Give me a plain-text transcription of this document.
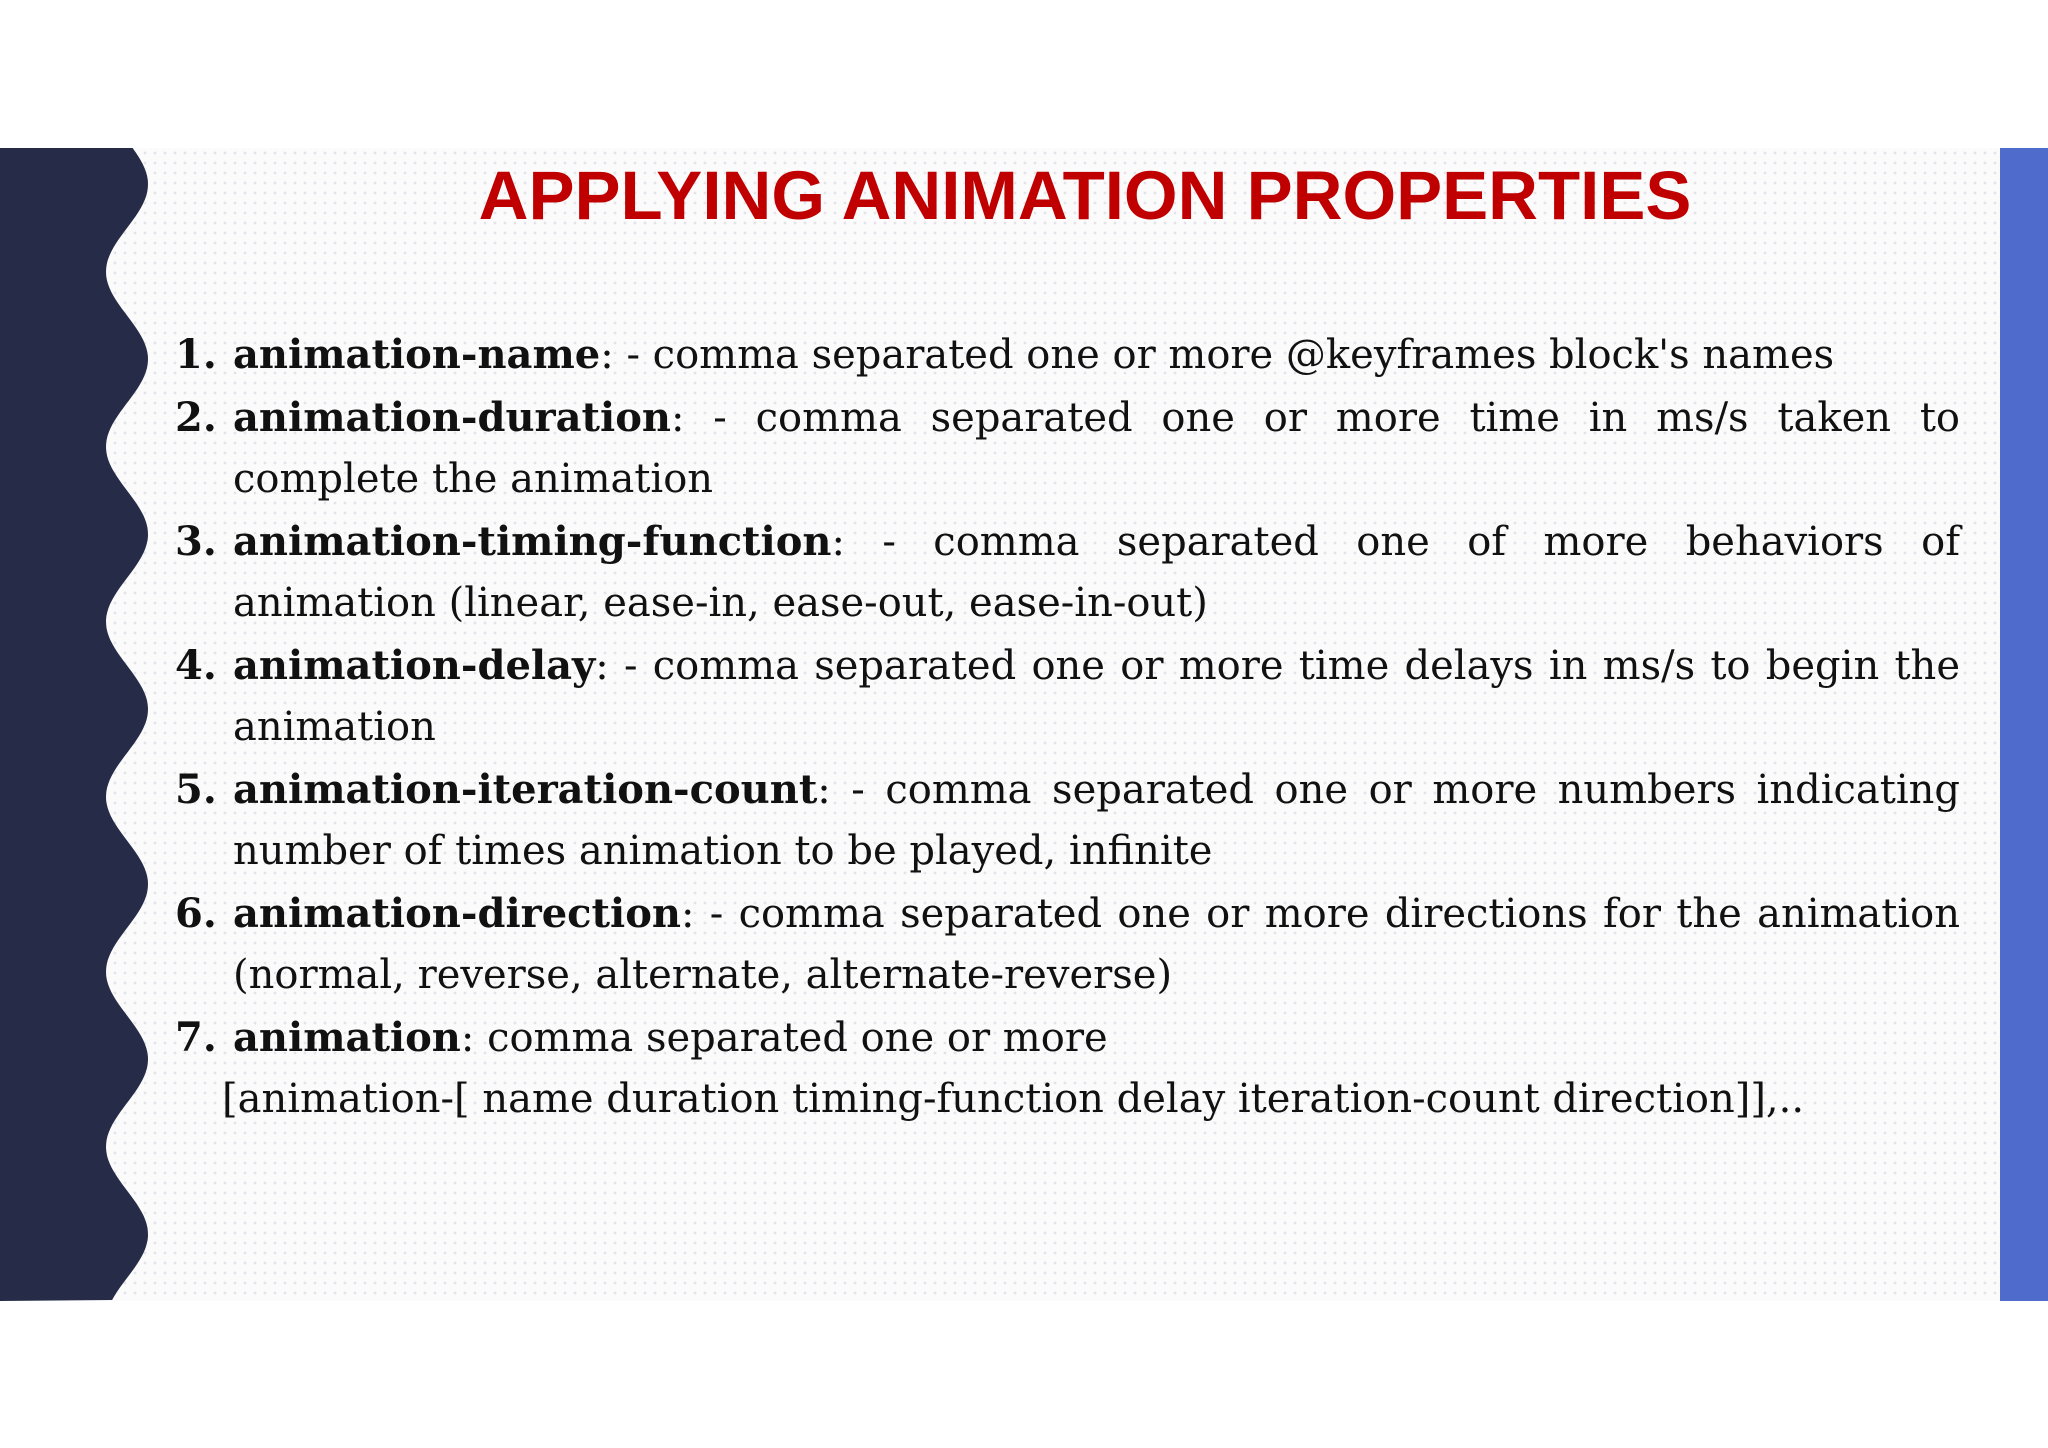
APPLYING ANIMATION PROPERTIES
1. animation-name: - comma separated one or more @keyframes block's names
2. animation-duration: - comma separated one or more time in ms/s taken to complete the animation
3. animation-timing-function: - comma separated one of more behaviors of animation (linear, ease-in, ease-out, ease-in-out)
4. animation-delay: - comma separated one or more time delays in ms/s to begin the animation
5. animation-iteration-count: - comma separated one or more numbers indicating number of times animation to be played, infinite
6. animation-direction: - comma separated one or more directions for the animation (normal, reverse, alternate, alternate-reverse)
7. animation: comma separated one or more
[animation-[ name duration timing-function delay iteration-count direction]],..
